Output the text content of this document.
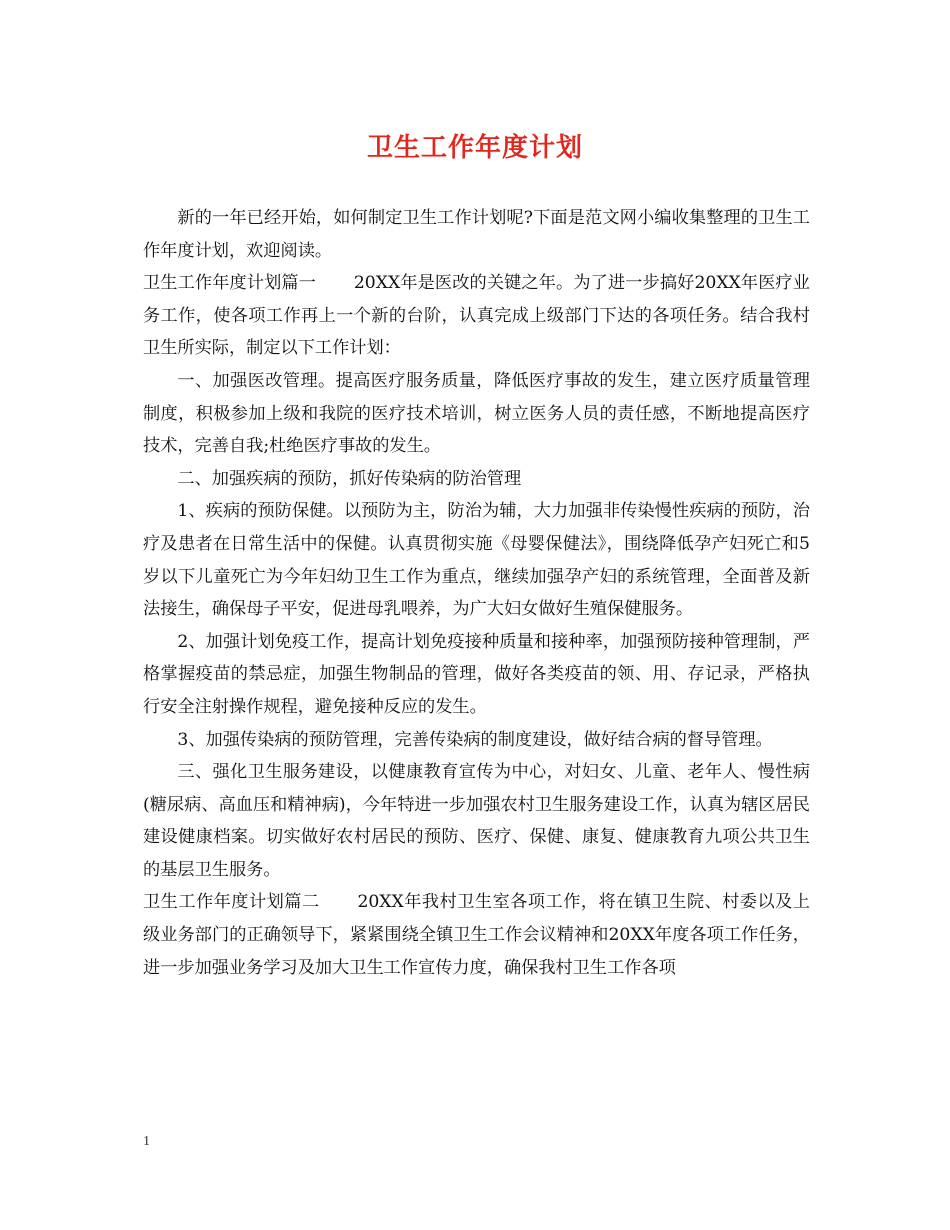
卫生工作年度计划

新的一年已经开始，如何制定卫生工作计划呢?下面是范文网小编收集整理的卫生工作年度计划，欢迎阅读。

卫生工作年度计划篇一 20XX年是医改的关键之年。为了进一步搞好20XX年医疗业务工作，使各项工作再上一个新的台阶，认真完成上级部门下达的各项任务。结合我村卫生所实际，制定以下工作计划：

一、加强医改管理。提高医疗服务质量，降低医疗事故的发生，建立医疗质量管理制度，积极参加上级和我院的医疗技术培训，树立医务人员的责任感，不断地提高医疗技术，完善自我;杜绝医疗事故的发生。

二、加强疾病的预防，抓好传染病的防治管理

1、疾病的预防保健。以预防为主，防治为辅，大力加强非传染慢性疾病的预防，治疗及患者在日常生活中的保健。认真贯彻实施《母婴保健法》，围绕降低孕产妇死亡和5岁以下儿童死亡为今年妇幼卫生工作为重点，继续加强孕产妇的系统管理，全面普及新法接生，确保母子平安，促进母乳喂养，为广大妇女做好生殖保健服务。

2、加强计划免疫工作，提高计划免疫接种质量和接种率，加强预防接种管理制，严格掌握疫苗的禁忌症，加强生物制品的管理，做好各类疫苗的领、用、存记录，严格执行安全注射操作规程，避免接种反应的发生。

3、加强传染病的预防管理，完善传染病的制度建设，做好结合病的督导管理。

三、强化卫生服务建设，以健康教育宣传为中心，对妇女、儿童、老年人、慢性病(糖尿病、高血压和精神病)，今年特进一步加强农村卫生服务建设工作，认真为辖区居民建设健康档案。切实做好农村居民的预防、医疗、保健、康复、健康教育九项公共卫生的基层卫生服务。

卫生工作年度计划篇二 20XX年我村卫生室各项工作，将在镇卫生院、村委以及上级业务部门的正确领导下，紧紧围绕全镇卫生工作会议精神和20XX年度各项工作任务，进一步加强业务学习及加大卫生工作宣传力度，确保我村卫生工作各项

1
